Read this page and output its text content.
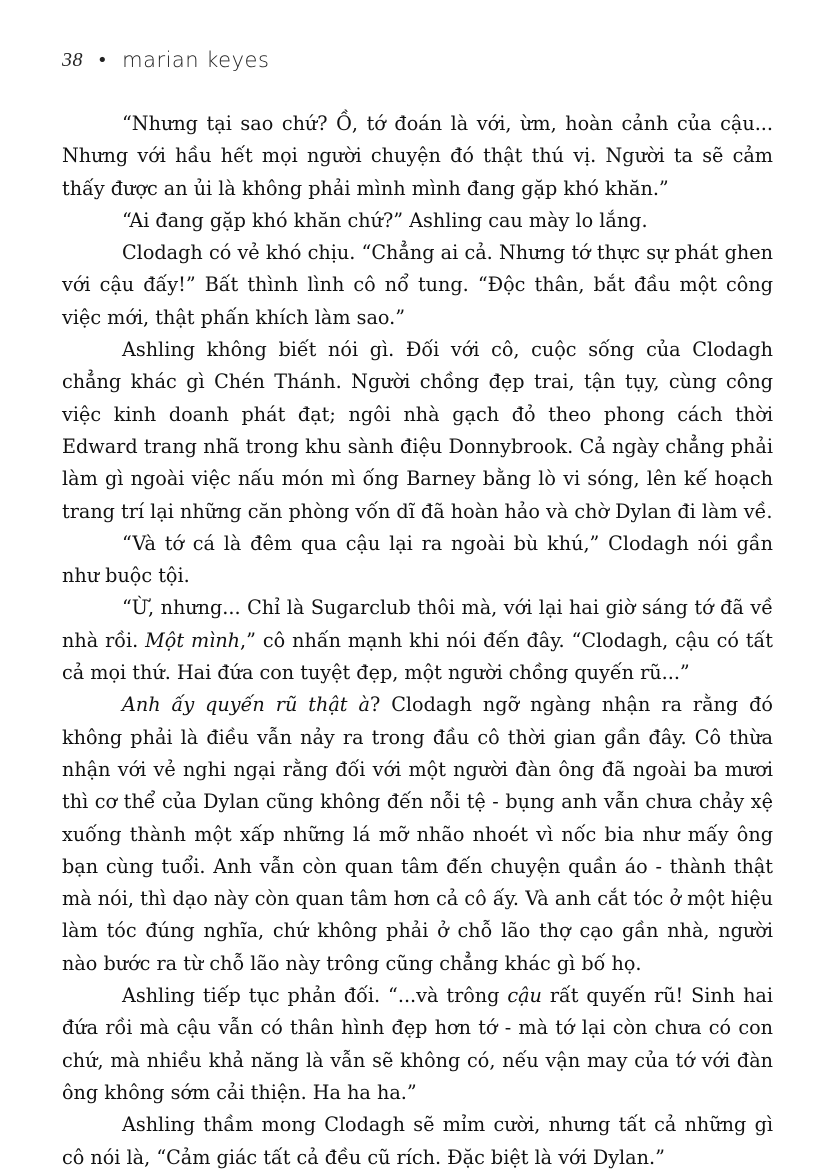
38 • marian keyes

“Nhưng tại sao chứ? Ồ, tớ đoán là với, ừm, hoàn cảnh của cậu... Nhưng với hầu hết mọi người chuyện đó thật thú vị. Người ta sẽ cảm thấy được an ủi là không phải mình mình đang gặp khó khăn.”

“Ai đang gặp khó khăn chứ?” Ashling cau mày lo lắng.

Clodagh có vẻ khó chịu. “Chẳng ai cả. Nhưng tớ thực sự phát ghen với cậu đấy!” Bất thình lình cô nổ tung. “Độc thân, bắt đầu một công việc mới, thật phấn khích làm sao.”

Ashling không biết nói gì. Đối với cô, cuộc sống của Clodagh chẳng khác gì Chén Thánh. Người chồng đẹp trai, tận tụy, cùng công việc kinh doanh phát đạt; ngôi nhà gạch đỏ theo phong cách thời Edward trang nhã trong khu sành điệu Donnybrook. Cả ngày chẳng phải làm gì ngoài việc nấu món mì ống Barney bằng lò vi sóng, lên kế hoạch trang trí lại những căn phòng vốn dĩ đã hoàn hảo và chờ Dylan đi làm về.

“Và tớ cá là đêm qua cậu lại ra ngoài bù khú,” Clodagh nói gần như buộc tội.

“Ừ, nhưng... Chỉ là Sugarclub thôi mà, với lại hai giờ sáng tớ đã về nhà rồi. Một mình,” cô nhấn mạnh khi nói đến đây. “Clodagh, cậu có tất cả mọi thứ. Hai đứa con tuyệt đẹp, một người chồng quyến rũ...”

Anh ấy quyến rũ thật à? Clodagh ngỡ ngàng nhận ra rằng đó không phải là điều vẫn nảy ra trong đầu cô thời gian gần đây. Cô thừa nhận với vẻ nghi ngại rằng đối với một người đàn ông đã ngoài ba mươi thì cơ thể của Dylan cũng không đến nỗi tệ - bụng anh vẫn chưa chảy xệ xuống thành một xấp những lá mỡ nhão nhoét vì nốc bia như mấy ông bạn cùng tuổi. Anh vẫn còn quan tâm đến chuyện quần áo - thành thật mà nói, thì dạo này còn quan tâm hơn cả cô ấy. Và anh cắt tóc ở một hiệu làm tóc đúng nghĩa, chứ không phải ở chỗ lão thợ cạo gần nhà, người nào bước ra từ chỗ lão này trông cũng chẳng khác gì bố họ.

Ashling tiếp tục phản đối. “...và trông cậu rất quyến rũ! Sinh hai đứa rồi mà cậu vẫn có thân hình đẹp hơn tớ - mà tớ lại còn chưa có con chứ, mà nhiều khả năng là vẫn sẽ không có, nếu vận may của tớ với đàn ông không sớm cải thiện. Ha ha ha.”

Ashling thầm mong Clodagh sẽ mỉm cười, nhưng tất cả những gì cô nói là, “Cảm giác tất cả đều cũ rích. Đặc biệt là với Dylan.”
